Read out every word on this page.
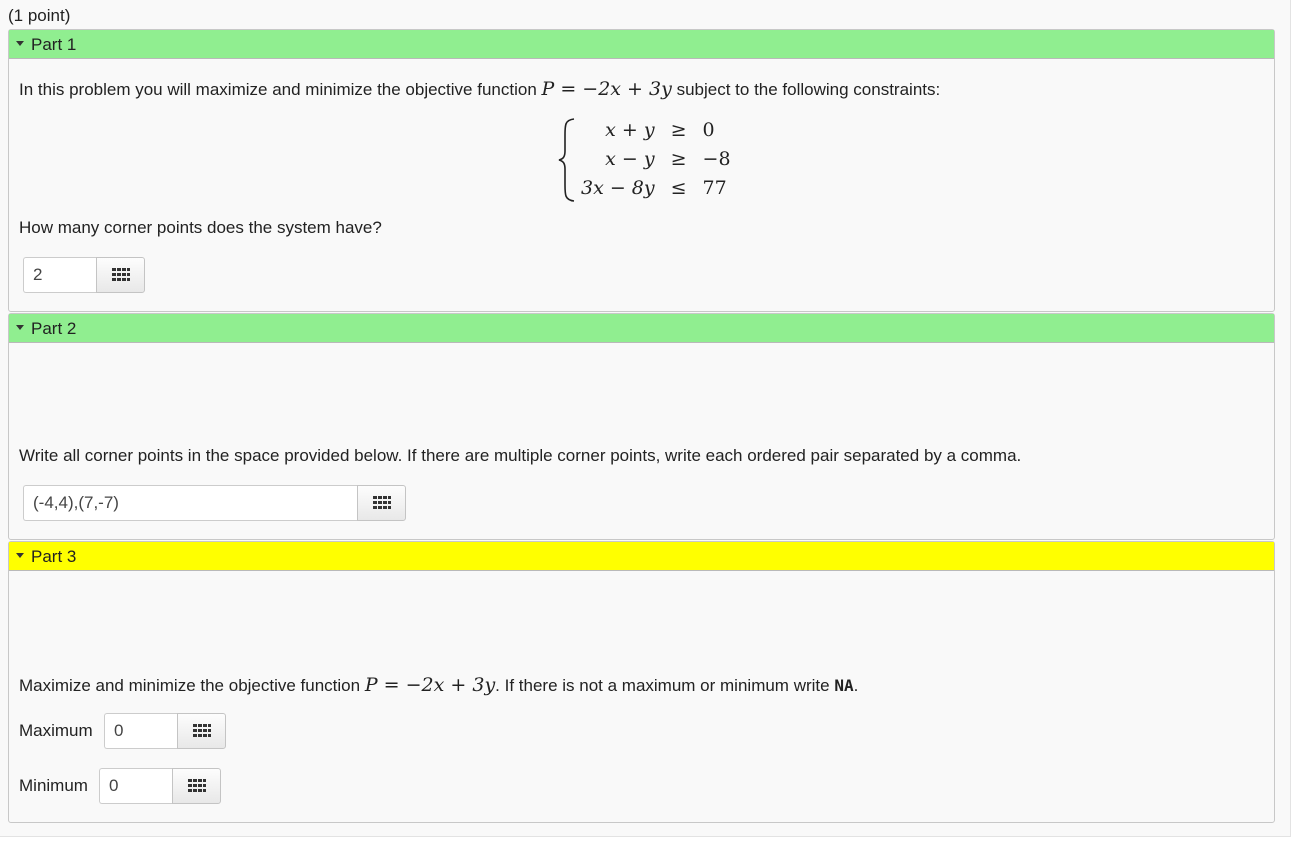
(1 point)
Part 1
In this problem you will maximize and minimize the objective function P = −2x + 3y subject to the following constraints:
x + y	≥	0
x − y	≥	−8
3x − 8y	≤	77
How many corner points does the system have?
2
Part 2
Write all corner points in the space provided below. If there are multiple corner points, write each ordered pair separated by a comma.
(-4,4),(7,-7)
Part 3
Maximize and minimize the objective function P = −2x + 3y. If there is not a maximum or minimum write NA.
Maximum
0
Minimum
0
